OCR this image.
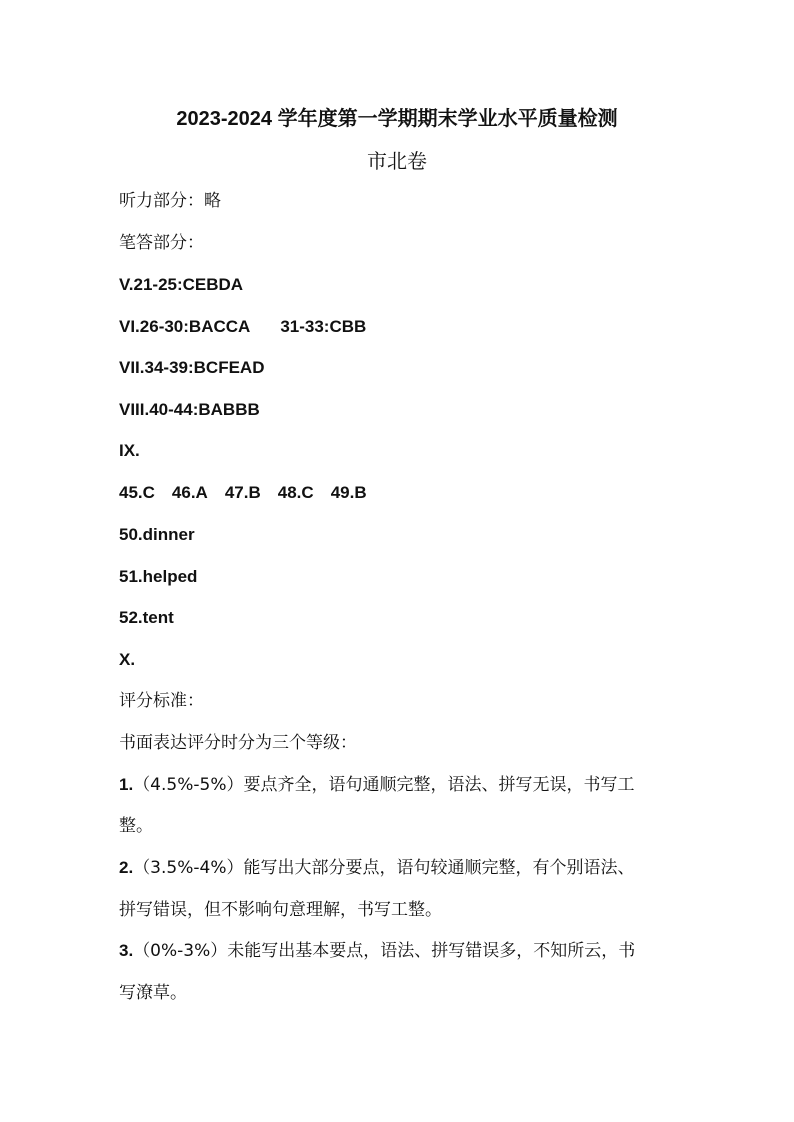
2023-2024 学年度第一学期期末学业水平质量检测
市北卷
听力部分：略
笔答部分：
V.21-25:CEBDA
VI.26-30:BACCA 31-33:CBB
VII.34-39:BCFEAD
VIII.40-44:BABBB
IX.
45.C 46.A 47.B 48.C 49.B
50.dinner
51.helped
52.tent
X.
评分标准：
书面表达评分时分为三个等级：
1.（4.5%-5%）要点齐全，语句通顺完整，语法、拼写无误，书写工
整。
2.（3.5%-4%）能写出大部分要点，语句较通顺完整，有个别语法、
拼写错误，但不影响句意理解，书写工整。
3.（0%-3%）未能写出基本要点，语法、拼写错误多，不知所云，书
写潦草。
